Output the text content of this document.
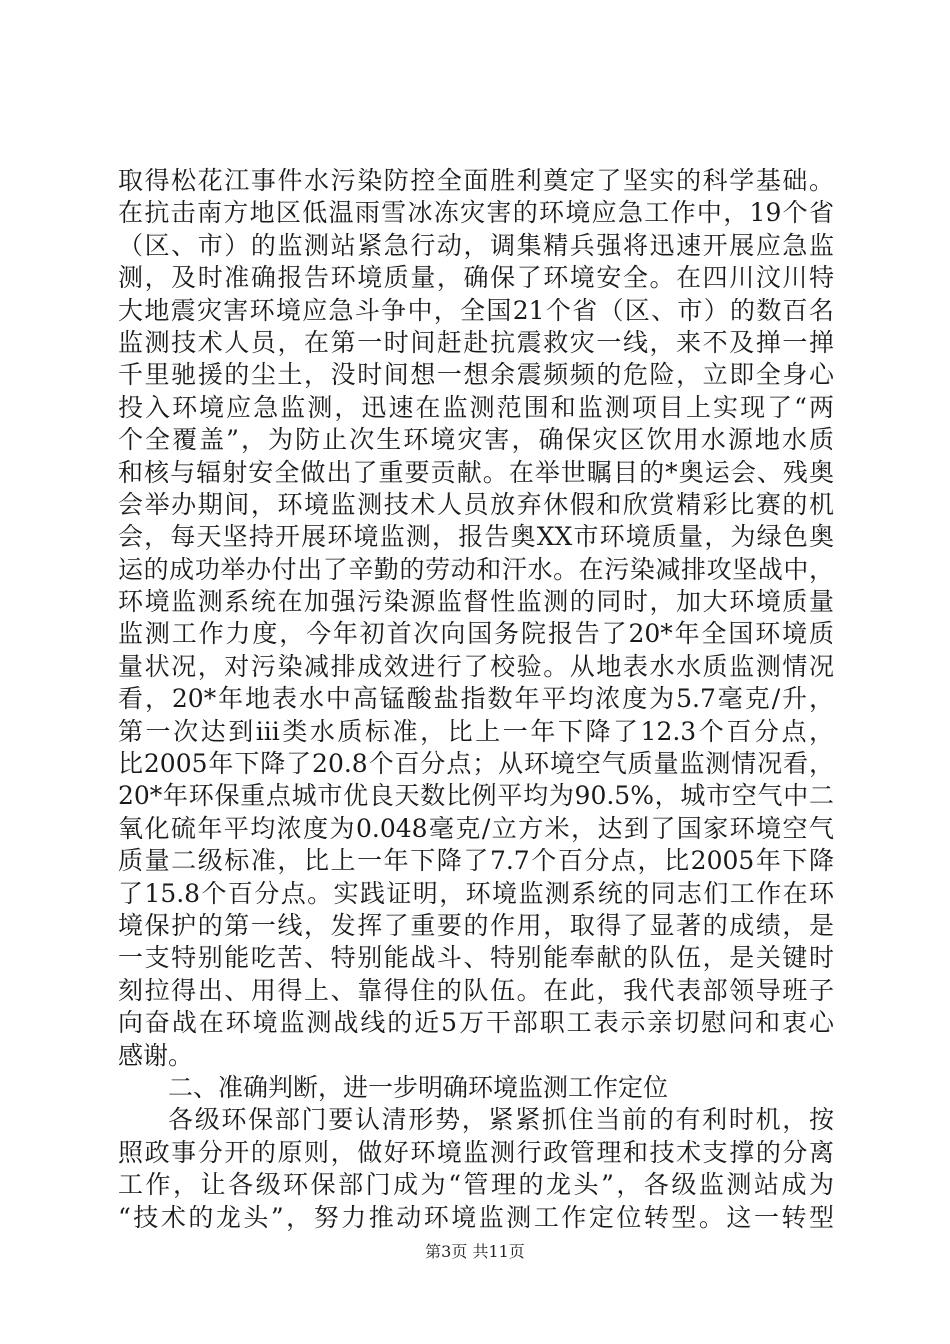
取得松花江事件水污染防控全面胜利奠定了坚实的科学基础。
在抗击南方地区低温雨雪冰冻灾害的环境应急工作中，19个省
（区、市）的监测站紧急行动，调集精兵强将迅速开展应急监
测，及时准确报告环境质量，确保了环境安全。在四川汶川特
大地震灾害环境应急斗争中，全国21个省（区、市）的数百名
监测技术人员，在第一时间赶赴抗震救灾一线，来不及掸一掸
千里驰援的尘土，没时间想一想余震频频的危险，立即全身心
投入环境应急监测，迅速在监测范围和监测项目上实现了“两
个全覆盖”，为防止次生环境灾害，确保灾区饮用水源地水质
和核与辐射安全做出了重要贡献。在举世瞩目的*奥运会、残奥
会举办期间，环境监测技术人员放弃休假和欣赏精彩比赛的机
会，每天坚持开展环境监测，报告奥XX市环境质量，为绿色奥
运的成功举办付出了辛勤的劳动和汗水。在污染减排攻坚战中，
环境监测系统在加强污染源监督性监测的同时，加大环境质量
监测工作力度，今年初首次向国务院报告了20*年全国环境质
量状况，对污染减排成效进行了校验。从地表水水质监测情况
看，20*年地表水中高锰酸盐指数年平均浓度为5.7毫克/升，
第一次达到iii类水质标准，比上一年下降了12.3个百分点，
比2005年下降了20.8个百分点；从环境空气质量监测情况看，
20*年环保重点城市优良天数比例平均为90.5%，城市空气中二
氧化硫年平均浓度为0.048毫克/立方米，达到了国家环境空气
质量二级标准，比上一年下降了7.7个百分点，比2005年下降
了15.8个百分点。实践证明，环境监测系统的同志们工作在环
境保护的第一线，发挥了重要的作用，取得了显著的成绩，是
一支特别能吃苦、特别能战斗、特别能奉献的队伍，是关键时
刻拉得出、用得上、靠得住的队伍。在此，我代表部领导班子
向奋战在环境监测战线的近5万干部职工表示亲切慰问和衷心
感谢。
二、准确判断，进一步明确环境监测工作定位
各级环保部门要认清形势，紧紧抓住当前的有利时机，按
照政事分开的原则，做好环境监测行政管理和技术支撑的分离
工作，让各级环保部门成为“管理的龙头”，各级监测站成为
“技术的龙头”，努力推动环境监测工作定位转型。这一转型
第3页 共11页
